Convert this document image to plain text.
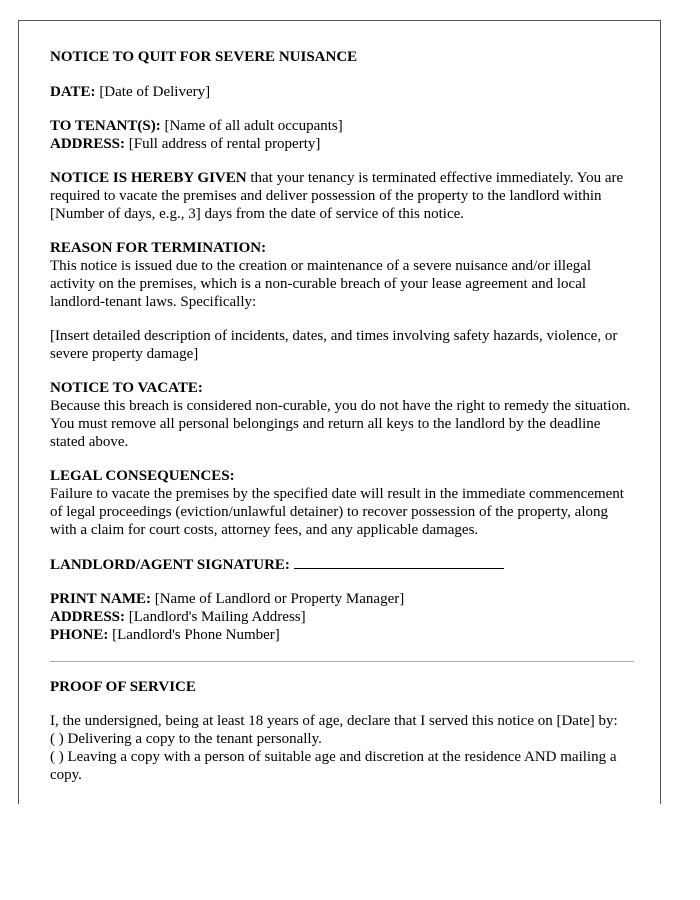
NOTICE TO QUIT FOR SEVERE NUISANCE

DATE: [Date of Delivery]

TO TENANT(S): [Name of all adult occupants]
ADDRESS: [Full address of rental property]

NOTICE IS HEREBY GIVEN that your tenancy is terminated effective immediately. You are required to vacate the premises and deliver possession of the property to the landlord within [Number of days, e.g., 3] days from the date of service of this notice.

REASON FOR TERMINATION:
This notice is issued due to the creation or maintenance of a severe nuisance and/or illegal activity on the premises, which is a non-curable breach of your lease agreement and local landlord-tenant laws. Specifically:

[Insert detailed description of incidents, dates, and times involving safety hazards, violence, or severe property damage]

NOTICE TO VACATE:
Because this breach is considered non-curable, you do not have the right to remedy the situation. You must remove all personal belongings and return all keys to the landlord by the deadline stated above.

LEGAL CONSEQUENCES:
Failure to vacate the premises by the specified date will result in the immediate commencement of legal proceedings (eviction/unlawful detainer) to recover possession of the property, along with a claim for court costs, attorney fees, and any applicable damages.

LANDLORD/AGENT SIGNATURE:

PRINT NAME: [Name of Landlord or Property Manager]
ADDRESS: [Landlord's Mailing Address]
PHONE: [Landlord's Phone Number]

PROOF OF SERVICE

I, the undersigned, being at least 18 years of age, declare that I served this notice on [Date] by:
( ) Delivering a copy to the tenant personally.
( ) Leaving a copy with a person of suitable age and discretion at the residence AND mailing a copy.
